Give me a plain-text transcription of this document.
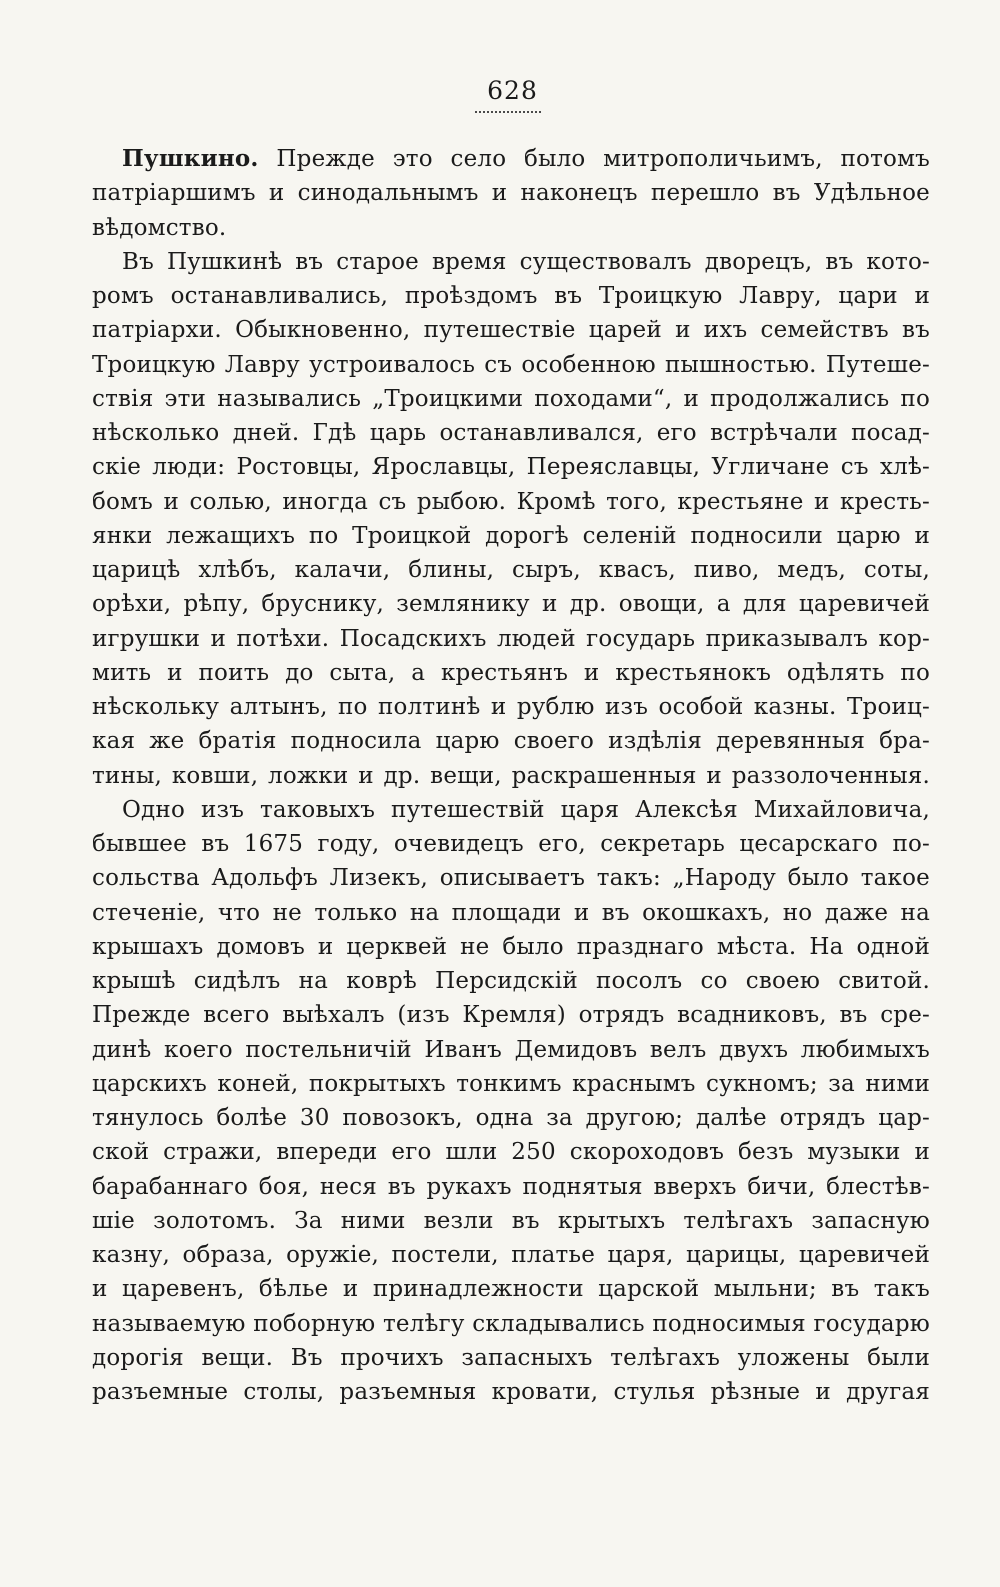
628
Пушкино. Прежде это село было митрополичьимъ, потомъ
патріаршимъ и синодальнымъ и наконецъ перешло въ Удѣльное
вѣдомство.
Въ Пушкинѣ въ старое время существовалъ дворецъ, въ кото-
ромъ останавливались, проѣздомъ въ Троицкую Лавру, цари и
патріархи. Обыкновенно, путешествіе царей и ихъ семействъ въ
Троицкую Лавру устроивалось съ особенною пышностью. Путеше-
ствія эти назывались „Троицкими походами“, и продолжались по
нѣсколько дней. Гдѣ царь останавливался, его встрѣчали посад-
скіе люди: Ростовцы, Ярославцы, Переяславцы, Угличане съ хлѣ-
бомъ и солью, иногда съ рыбою. Кромѣ того, крестьяне и кресть-
янки лежащихъ по Троицкой дорогѣ селеній подносили царю и
царицѣ хлѣбъ, калачи, блины, сыръ, квасъ, пиво, медъ, соты,
орѣхи, рѣпу, бруснику, землянику и др. овощи, а для царевичей
игрушки и потѣхи. Посадскихъ людей государь приказывалъ кор-
мить и поить до сыта, а крестьянъ и крестьянокъ одѣлять по
нѣскольку алтынъ, по полтинѣ и рублю изъ особой казны. Троиц-
кая же братія подносила царю своего издѣлія деревянныя бра-
тины, ковши, ложки и др. вещи, раскрашенныя и раззолоченныя.
Одно изъ таковыхъ путешествій царя Алексѣя Михайловича,
бывшее въ 1675 году, очевидецъ его, секретарь цесарскаго по-
сольства Адольфъ Лизекъ, описываетъ такъ: „Народу было такое
стеченіе, что не только на площади и въ окошкахъ, но даже на
крышахъ домовъ и церквей не было празднаго мѣста. На одной
крышѣ сидѣлъ на коврѣ Персидскій посолъ со своею свитой.
Прежде всего выѣхалъ (изъ Кремля) отрядъ всадниковъ, въ сре-
динѣ коего постельничій Иванъ Демидовъ велъ двухъ любимыхъ
царскихъ коней, покрытыхъ тонкимъ краснымъ сукномъ; за ними
тянулось болѣе 30 повозокъ, одна за другою; далѣе отрядъ цар-
ской стражи, впереди его шли 250 скороходовъ безъ музыки и
барабаннаго боя, неся въ рукахъ поднятыя вверхъ бичи, блестѣв-
шіе золотомъ. За ними везли въ крытыхъ телѣгахъ запасную
казну, образа, оружіе, постели, платье царя, царицы, царевичей
и царевенъ, бѣлье и принадлежности царской мыльни; въ такъ
называемую поборную телѣгу складывались подносимыя государю
дорогія вещи. Въ прочихъ запасныхъ телѣгахъ уложены были
разъемные столы, разъемныя кровати, стулья рѣзные и другая
